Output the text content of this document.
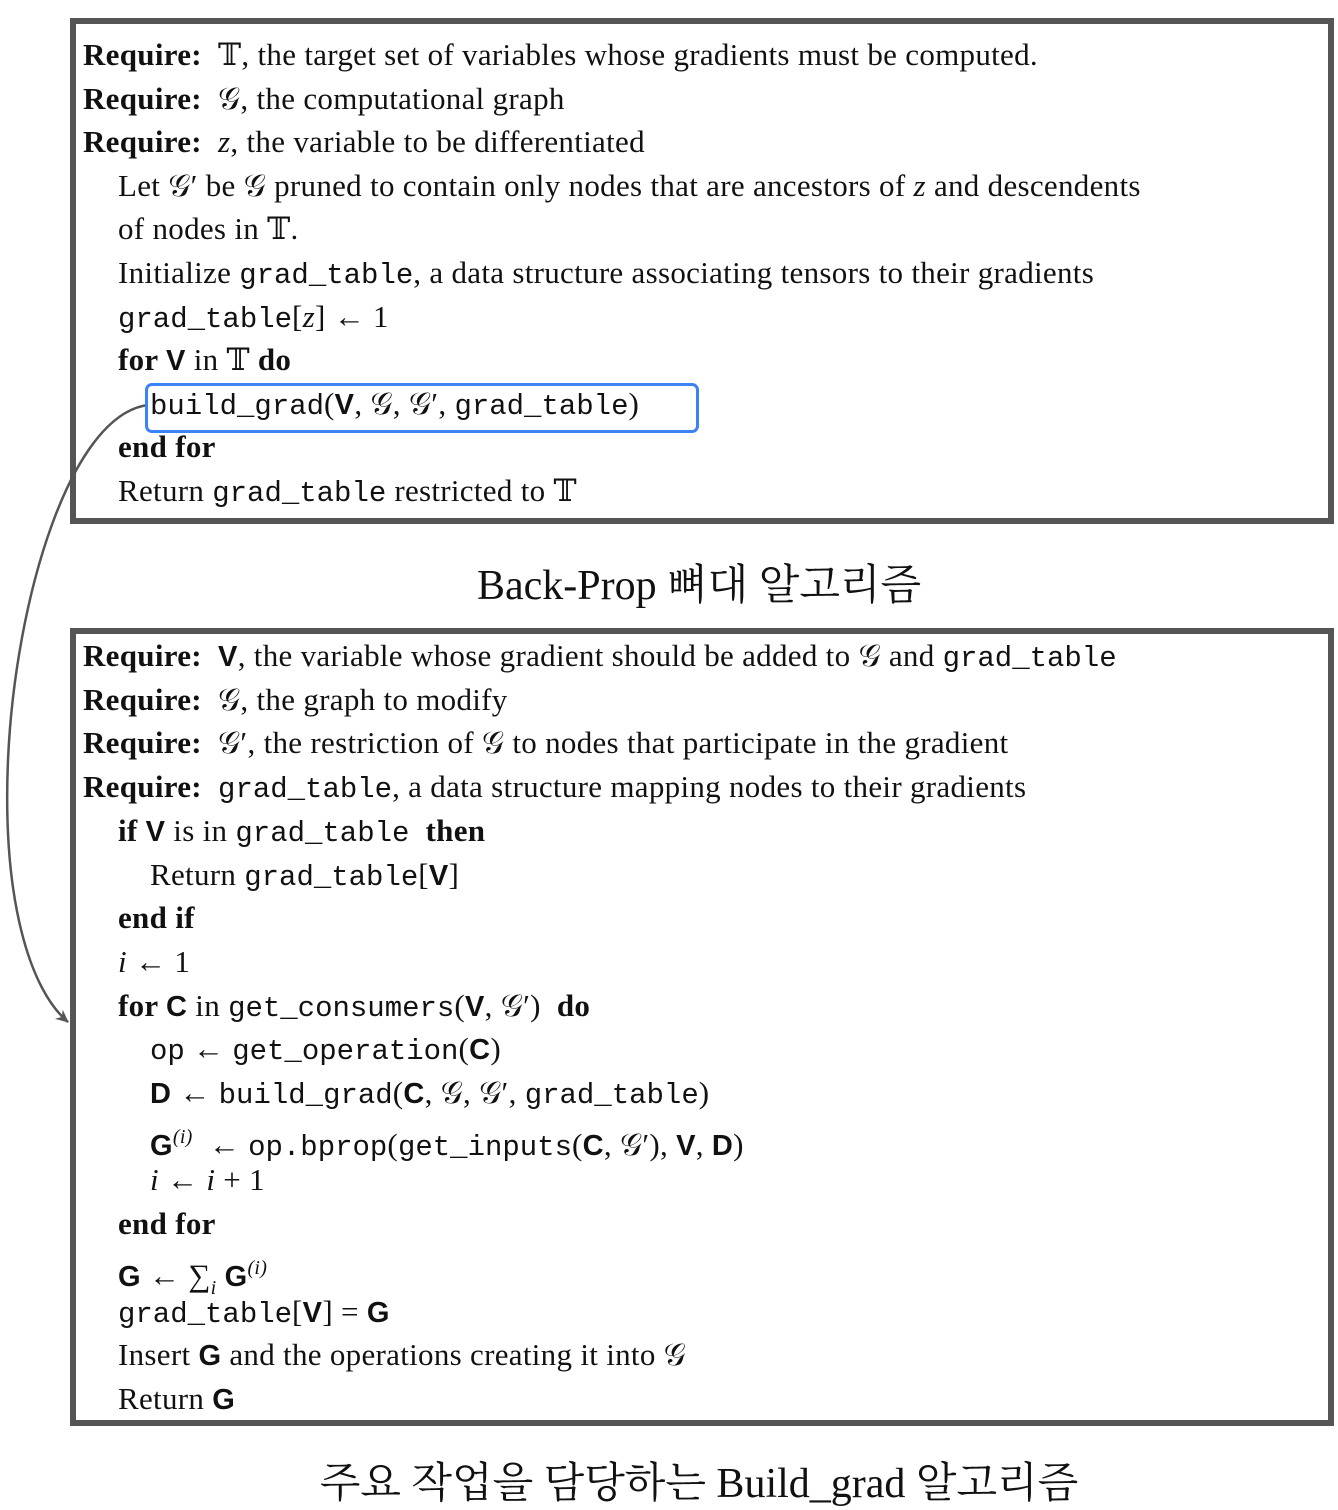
Back-Prop 뼈대 알고리즘
주요 작업을 담당하는 Build_grad 알고리즘
Require:  𝕋, the target set of variables whose gradients must be computed.
Require:  𝒢, the computational graph
Require: z, the variable to be differentiated
Let 𝒢′ be 𝒢 pruned to contain only nodes that are ancestors of z and descendents
of nodes in 𝕋.
Initialize grad_table, a data structure associating tensors to their gradients
grad_table[z] ← 1
for V in 𝕋 do
build_grad(V, 𝒢, 𝒢′, grad_table)
end for
Return grad_table restricted to 𝕋
Require: V, the variable whose gradient should be added to 𝒢 and grad_table
Require:  𝒢, the graph to modify
Require:  𝒢′, the restriction of 𝒢 to nodes that participate in the gradient
Require: grad_table, a data structure mapping nodes to their gradients
if V is in grad_table then
Return grad_table[V]
end if
i ← 1
for C in get_consumers(V, 𝒢′)  do
op ← get_operation(C)
D ← build_grad(C, 𝒢, 𝒢′, grad_table)
$G^{(i)}$  ← op.bprop(get_inputs(C, 𝒢′), V, D)
i ← i + 1
end for
G ← $\sum_i$ $G^{(i)}$
grad_table[V] = G
Insert G and the operations creating it into 𝒢
Return G
